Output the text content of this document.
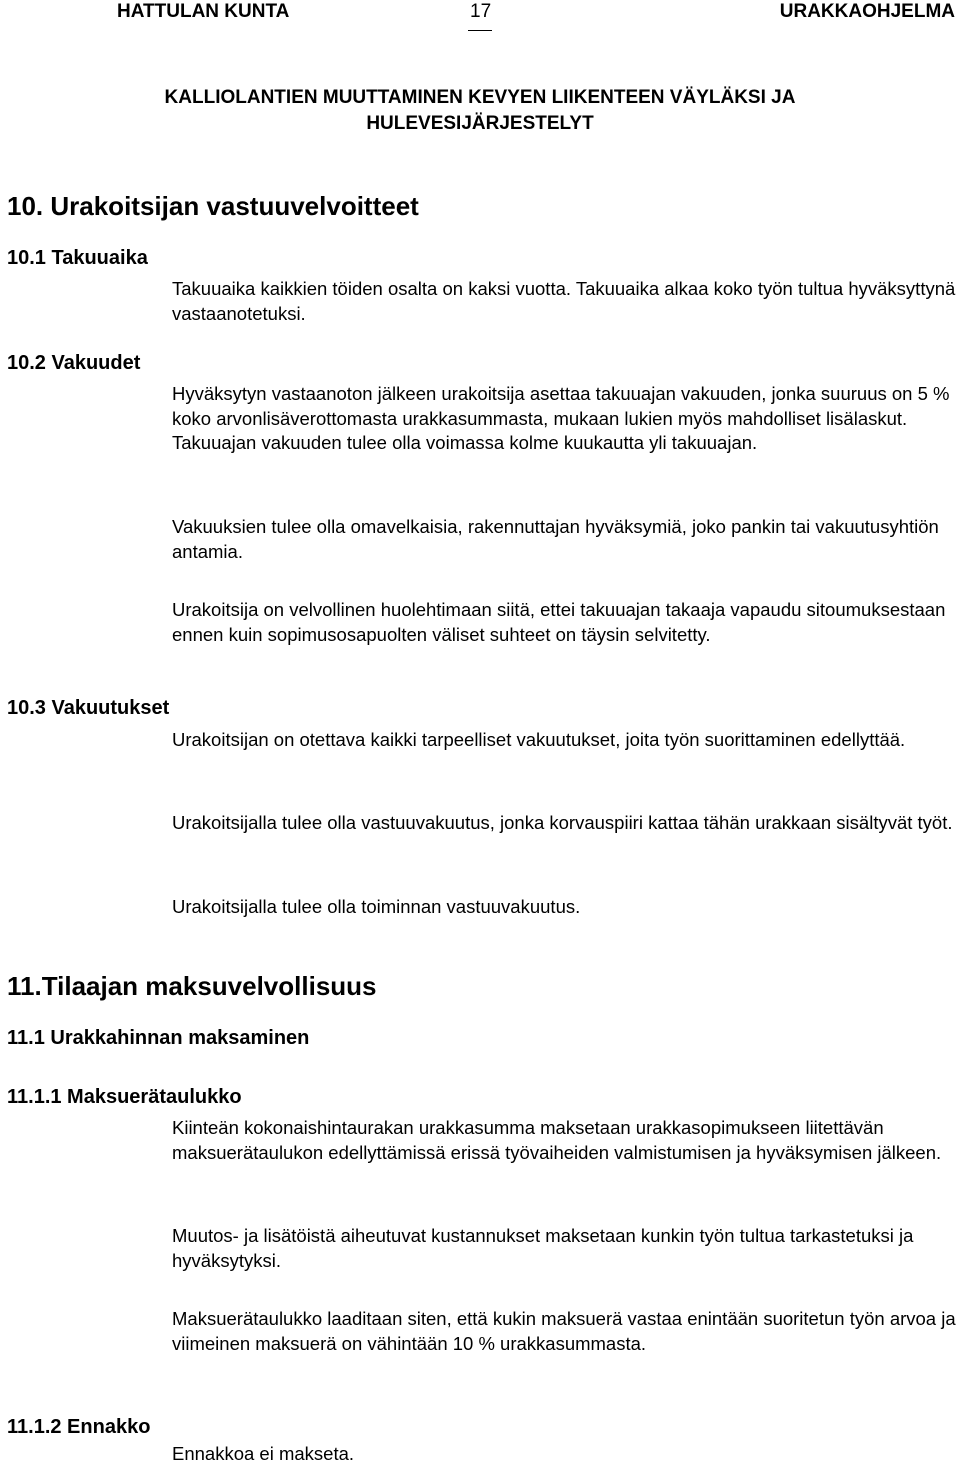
HATTULAN KUNTA	17	URAKKAOHJELMA
KALLIOLANTIEN MUUTTAMINEN KEVYEN LIIKENTEEN VÄYLÄKSI JA
HULEVESIJÄRJESTELYT
10. Urakoitsijan vastuuvelvoitteet
10.1 Takuuaika
Takuuaika kaikkien töiden osalta on kaksi vuotta. Takuuaika alkaa koko työn tultua hyväksyttynä vastaanotetuksi.
10.2 Vakuudet
Hyväksytyn vastaanoton jälkeen urakoitsija asettaa takuuajan vakuuden, jonka suuruus on 5 % koko arvonlisäverottomasta urakkasummasta, mukaan lukien myös mahdolliset lisälaskut. Takuuajan vakuuden tulee olla voimassa kolme kuukautta yli takuuajan.
Vakuuksien tulee olla omavelkaisia, rakennuttajan hyväksymiä, joko pankin tai vakuutusyhtiön antamia.
Urakoitsija on velvollinen huolehtimaan siitä, ettei takuuajan takaaja vapaudu sitoumuksestaan ennen kuin sopimusosapuolten väliset suhteet on täysin selvitetty.
10.3 Vakuutukset
Urakoitsijan on otettava kaikki tarpeelliset vakuutukset, joita työn suorittaminen edellyttää.
Urakoitsijalla tulee olla vastuuvakuutus, jonka korvauspiiri kattaa tähän urakkaan sisältyvät työt.
Urakoitsijalla tulee olla toiminnan vastuuvakuutus.
11.Tilaajan maksuvelvollisuus
11.1 Urakkahinnan maksaminen
11.1.1 Maksuerätaulukko
Kiinteän kokonaishintaurakan urakkasumma maksetaan urakkasopimukseen liitettävän maksuerätaulukon edellyttämissä erissä työvaiheiden valmistumisen ja hyväksymisen jälkeen.
Muutos- ja lisätöistä aiheutuvat kustannukset maksetaan kunkin työn tultua tarkastetuksi ja hyväksytyksi.
Maksuerätaulukko laaditaan siten, että kukin maksuerä vastaa enintään suoritetun työn arvoa ja viimeinen maksuerä on vähintään 10 % urakkasummasta.
11.1.2 Ennakko
Ennakkoa ei makseta.
